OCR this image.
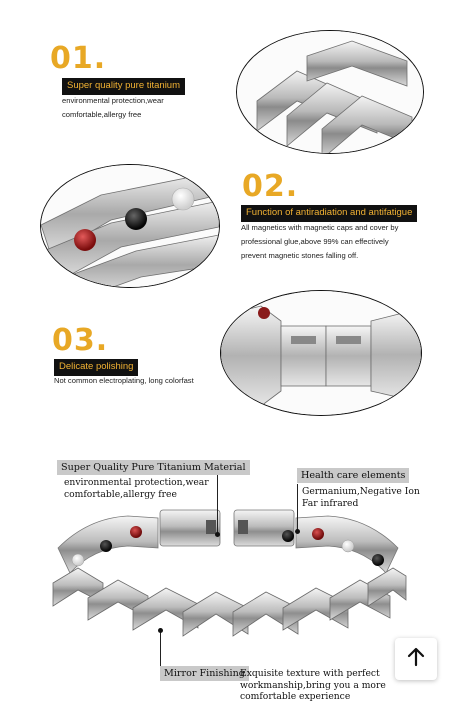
01.
Super quality pure titanium
environmental protection,wear
comfortable,allergy free
02.
Function of antiradiation and antifatigue
All magnetics with magnetic caps and cover by
professional glue,above 99% can effectively
prevent magnetic stones falling off.
03.
Delicate polishing
Not common electroplating, long colorfast
Super Quality Pure Titanium Material
environmental protection,wear
comfortable,allergy free
Health care elements
Germanium,Negative Ion
Far infrared
Mirror Finishing
Exquisite texture with perfect
workmanship,bring you a more
comfortable experience
